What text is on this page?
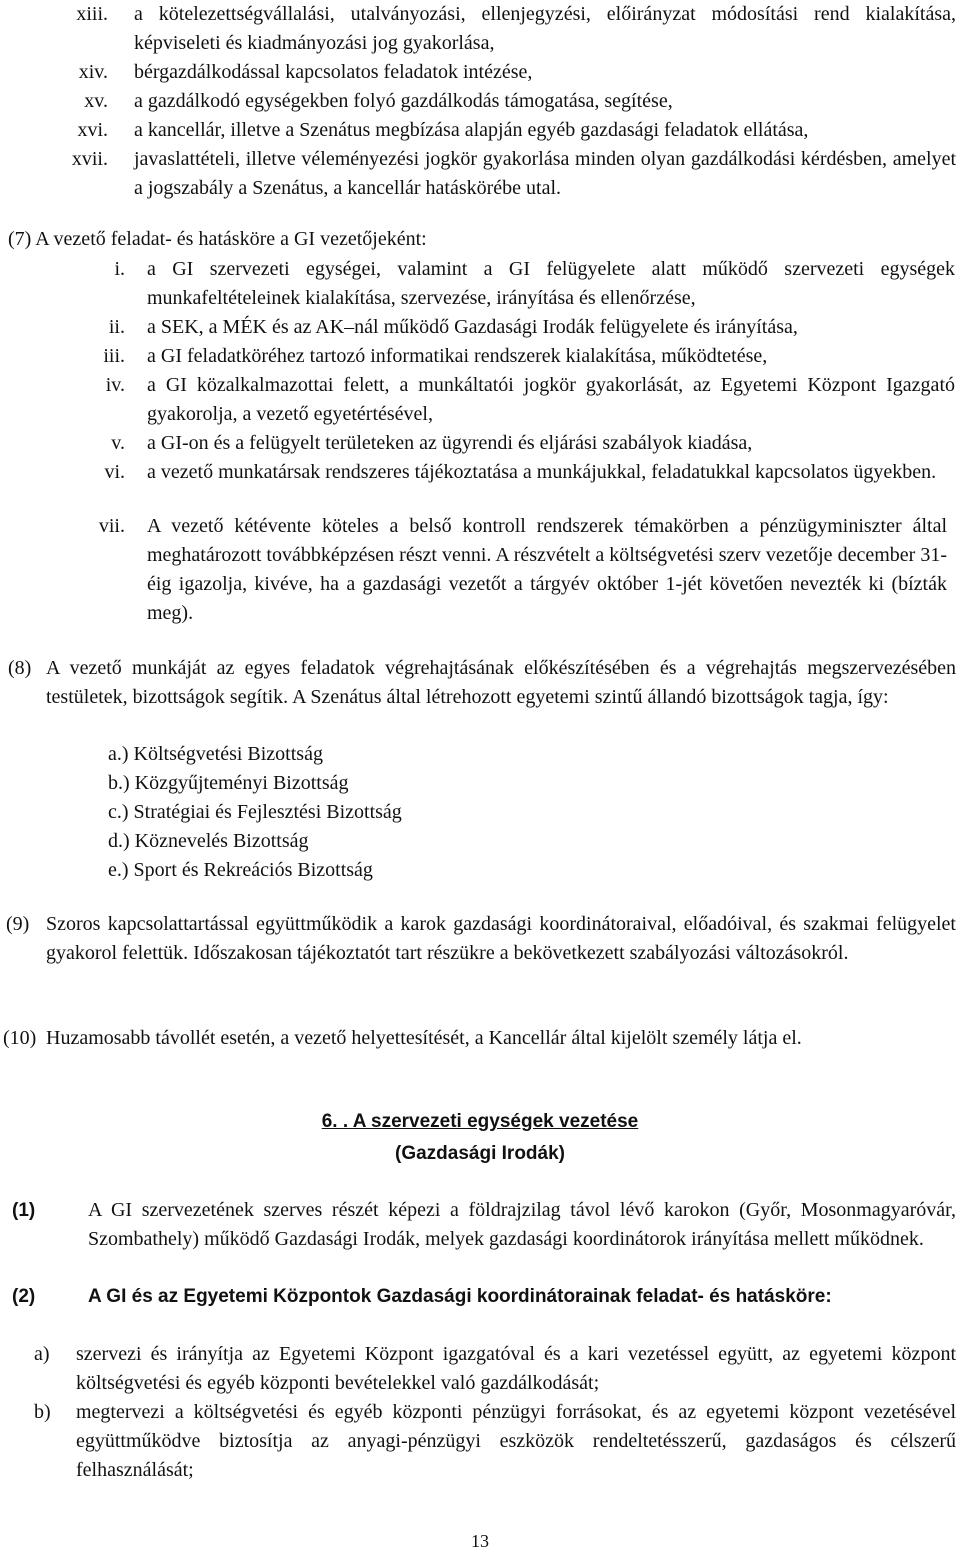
xiii. a kötelezettségvállalási, utalványozási, ellenjegyzési, előirányzat módosítási rend kialakítása, képviseleti és kiadmányozási jog gyakorlása,
xiv. bérgazdálkodással kapcsolatos feladatok intézése,
xv. a gazdálkodó egységekben folyó gazdálkodás támogatása, segítése,
xvi. a kancellár, illetve a Szenátus megbízása alapján egyéb gazdasági feladatok ellátása,
xvii. javaslattételi, illetve véleményezési jogkör gyakorlása minden olyan gazdálkodási kérdésben, amelyet a jogszabály a Szenátus, a kancellár hatáskörébe utal.
(7) A vezető feladat- és hatásköre a GI vezetőjeként:
i. a GI szervezeti egységei, valamint a GI felügyelete alatt működő szervezeti egységek munkafeltételeinek kialakítása, szervezése, irányítása és ellenőrzése,
ii. a SEK, a MÉK és az AK–nál működő Gazdasági Irodák felügyelete és irányítása,
iii. a GI feladatköréhez tartozó informatikai rendszerek kialakítása, működtetése,
iv. a GI közalkalmazottai felett, a munkáltatói jogkör gyakorlását, az Egyetemi Központ Igazgató gyakorolja, a vezető egyetértésével,
v. a GI-on és a felügyelt területeken az ügyrendi és eljárási szabályok kiadása,
vi. a vezető munkatársak rendszeres tájékoztatása a munkájukkal, feladatukkal kapcsolatos ügyekben.
vii. A vezető kétévente köteles a belső kontroll rendszerek témakörben a pénzügyminiszter által meghatározott továbbképzésen részt venni. A részvételt a költségvetési szerv vezetője december 31-éig igazolja, kivéve, ha a gazdasági vezetőt a tárgyév október 1-jét követően nevezték ki (bízták meg).
(8) A vezető munkáját az egyes feladatok végrehajtásának előkészítésében és a végrehajtás megszervezésében testületek, bizottságok segítik. A Szenátus által létrehozott egyetemi szintű állandó bizottságok tagja, így:
a.) Költségvetési Bizottság
b.) Közgyűjteményi Bizottság
c.) Stratégiai és Fejlesztési Bizottság
d.) Köznevelés Bizottság
e.) Sport és Rekreációs Bizottság
(9) Szoros kapcsolattartással együttműködik a karok gazdasági koordinátoraival, előadóival, és szakmai felügyelet gyakorol felettük. Időszakosan tájékoztatót tart részükre a bekövetkezett szabályozási változásokról.
(10) Huzamosabb távollét esetén, a vezető helyettesítését, a Kancellár által kijelölt személy látja el.
6. . A szervezeti egységek vezetése
(Gazdasági Irodák)
(1)	A GI szervezetének szerves részét képezi a földrajzilag távol lévő karokon (Győr, Mosonmagyaróvár, Szombathely) működő Gazdasági Irodák, melyek gazdasági koordinátorok irányítása mellett működnek.
(2)	A GI és az Egyetemi Központok Gazdasági koordinátorainak feladat- és hatásköre:
a) szervezi és irányítja az Egyetemi Központ igazgatóval és a kari vezetéssel együtt, az egyetemi központ költségvetési és egyéb központi bevételekkel való gazdálkodását;
b) megtervezi a költségvetési és egyéb központi pénzügyi forrásokat, és az egyetemi központ vezetésével együttműködve biztosítja az anyagi-pénzügyi eszközök rendeltetésszerű, gazdaságos és célszerű felhasználását;
13
